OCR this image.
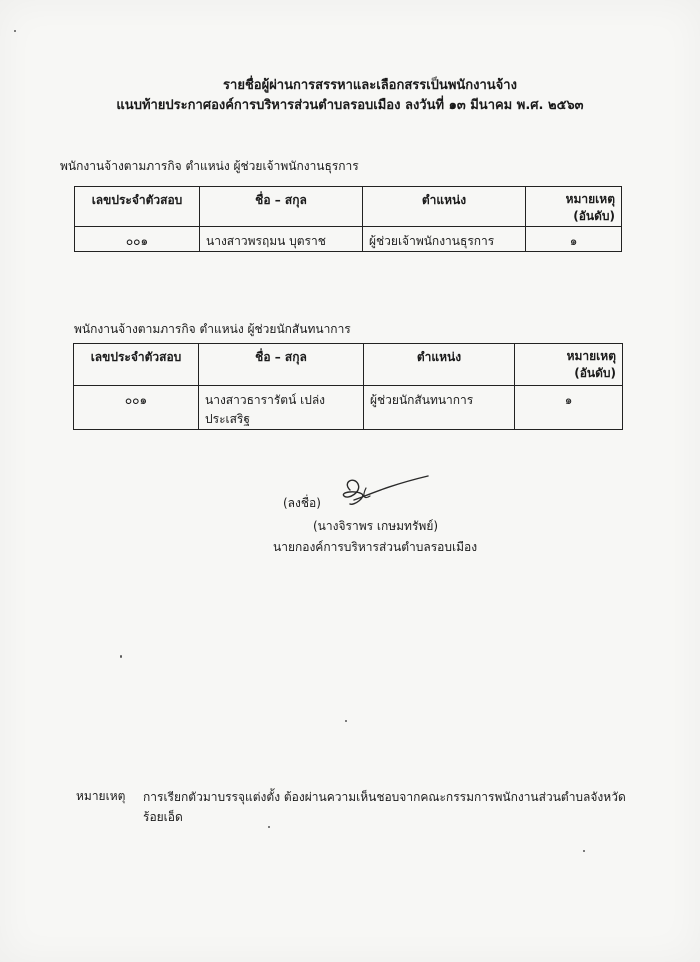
รายชื่อผู้ผ่านการสรรหาและเลือกสรรเป็นพนักงานจ้าง
แนบท้ายประกาศองค์การบริหารส่วนตำบลรอบเมือง ลงวันที่ ๑๓ มีนาคม พ.ศ. ๒๕๖๓
พนักงานจ้างตามภารกิจ ตำแหน่ง ผู้ช่วยเจ้าพนักงานธุรการ
เลขประจำตัวสอบ	ชื่อ – สกุล	ตำแหน่ง	หมายเหตุ
(อันดับ)

๐๐๑	นางสาวพรฤมน บุตราช	ผู้ช่วยเจ้าพนักงานธุรการ	๑
พนักงานจ้างตามภารกิจ ตำแหน่ง ผู้ช่วยนักสันทนาการ
เลขประจำตัวสอบ	ชื่อ – สกุล	ตำแหน่ง	หมายเหตุ
(อันดับ)

๐๐๑	นางสาวธารารัตน์ เปล่งประเสริฐ	ผู้ช่วยนักสันทนาการ	๑
(ลงชื่อ)
(นางจิราพร เกษมทรัพย์)
นายกองค์การบริหารส่วนตำบลรอบเมือง
หมายเหตุ การเรียกตัวมาบรรจุแต่งตั้ง ต้องผ่านความเห็นชอบจากคณะกรรมการพนักงานส่วนตำบลจังหวัด
ร้อยเอ็ด
